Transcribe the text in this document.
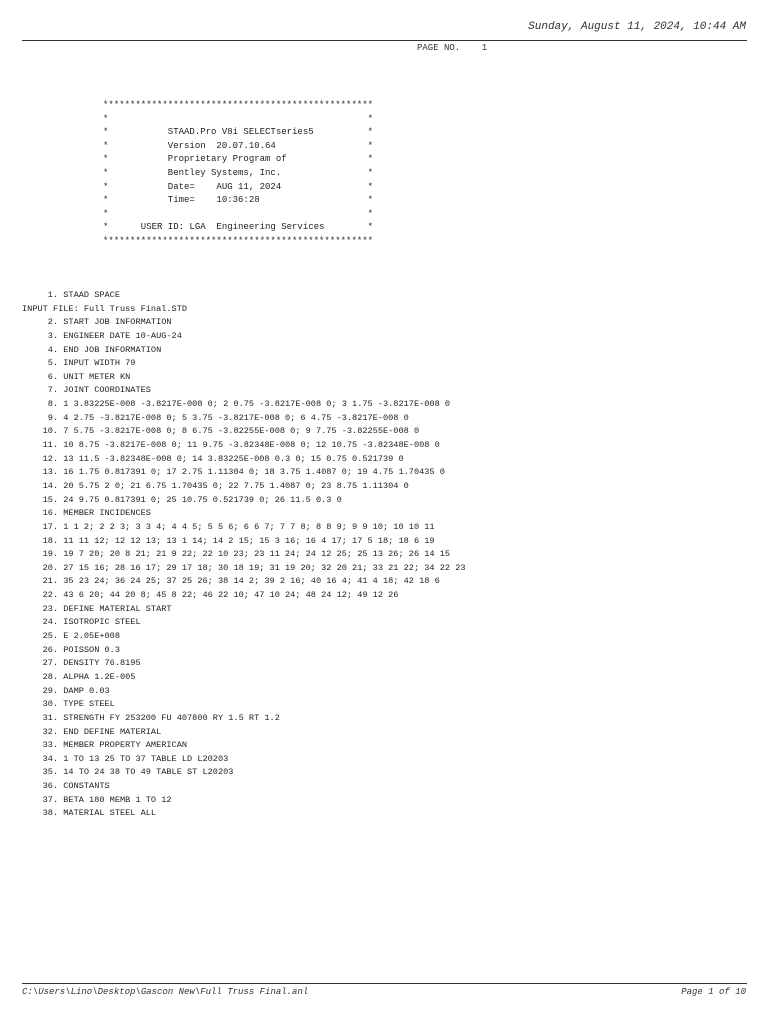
Sunday, August 11, 2024, 10:44 AM
PAGE NO.    1
**************************************************
*                                                *
*           STAAD.Pro V8i SELECTseries5          *
*           Version  20.07.10.64                 *
*           Proprietary Program of               *
*           Bentley Systems, Inc.                *
*           Date=    AUG 11, 2024                *
*           Time=    10:36:28                    *
*                                                *
*      USER ID: LGA  Engineering Services        *
**************************************************
1. STAAD SPACE
INPUT FILE: Full Truss Final.STD
2. START JOB INFORMATION
3. ENGINEER DATE 10-AUG-24
4. END JOB INFORMATION
5. INPUT WIDTH 79
6. UNIT METER KN
7. JOINT COORDINATES
8. 1 3.83225E-008 -3.8217E-008 0; 2 0.75 -3.8217E-008 0; 3 1.75 -3.8217E-008 0
9. 4 2.75 -3.8217E-008 0; 5 3.75 -3.8217E-008 0; 6 4.75 -3.8217E-008 0
10. 7 5.75 -3.8217E-008 0; 8 6.75 -3.82255E-008 0; 9 7.75 -3.82255E-008 0
11. 10 8.75 -3.8217E-008 0; 11 9.75 -3.82348E-008 0; 12 10.75 -3.82348E-008 0
12. 13 11.5 -3.82348E-008 0; 14 3.83225E-008 0.3 0; 15 0.75 0.521739 0
13. 16 1.75 0.817391 0; 17 2.75 1.11304 0; 18 3.75 1.4087 0; 19 4.75 1.70435 0
14. 20 5.75 2 0; 21 6.75 1.70435 0; 22 7.75 1.4087 0; 23 8.75 1.11304 0
15. 24 9.75 0.817391 0; 25 10.75 0.521739 0; 26 11.5 0.3 0
16. MEMBER INCIDENCES
17. 1 1 2; 2 2 3; 3 3 4; 4 4 5; 5 5 6; 6 6 7; 7 7 8; 8 8 9; 9 9 10; 10 10 11
18. 11 11 12; 12 12 13; 13 1 14; 14 2 15; 15 3 16; 16 4 17; 17 5 18; 18 6 19
19. 19 7 20; 20 8 21; 21 9 22; 22 10 23; 23 11 24; 24 12 25; 25 13 26; 26 14 15
20. 27 15 16; 28 16 17; 29 17 18; 30 18 19; 31 19 20; 32 20 21; 33 21 22; 34 22 23
21. 35 23 24; 36 24 25; 37 25 26; 38 14 2; 39 2 16; 40 16 4; 41 4 18; 42 18 6
22. 43 6 20; 44 20 8; 45 8 22; 46 22 10; 47 10 24; 48 24 12; 49 12 26
23. DEFINE MATERIAL START
24. ISOTROPIC STEEL
25. E 2.05E+008
26. POISSON 0.3
27. DENSITY 76.8195
28. ALPHA 1.2E-005
29. DAMP 0.03
30. TYPE STEEL
31. STRENGTH FY 253200 FU 407800 RY 1.5 RT 1.2
32. END DEFINE MATERIAL
33. MEMBER PROPERTY AMERICAN
34. 1 TO 13 25 TO 37 TABLE LD L20203
35. 14 TO 24 38 TO 49 TABLE ST L20203
36. CONSTANTS
37. BETA 180 MEMB 1 TO 12
38. MATERIAL STEEL ALL
C:\Users\Lino\Desktop\Gascon New\Full Truss Final.anl	Page 1 of 10
